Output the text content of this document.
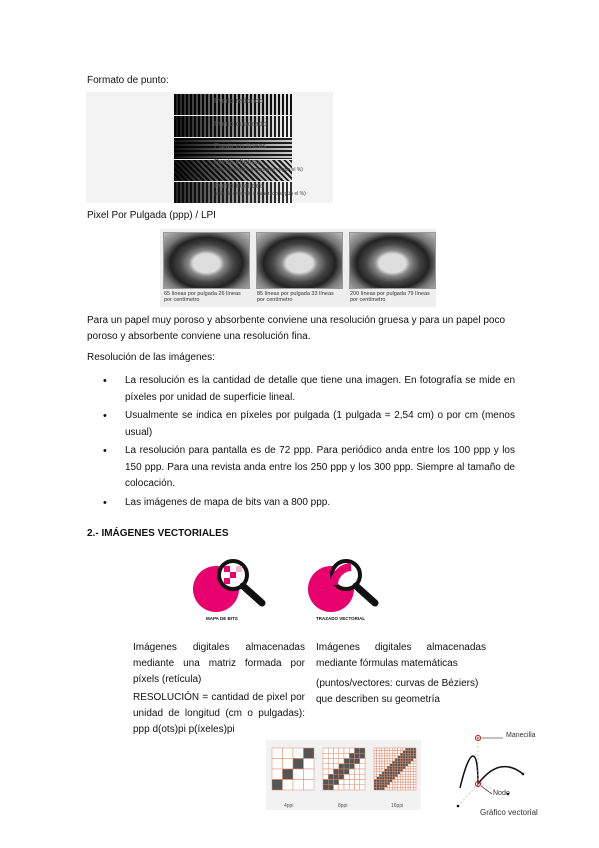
Formato de punto:
Punto redondo
Punto cuadrado
Punto en líneas
Punto elíptico
(sale de elíptico a diamante según el %)
Punto euclídeo
(sale de redondo a cuadrado según el %)
Pixel Por Pulgada (ppp) / LPI
65 líneas por pulgada 26 líneas por centímetro
85 líneas por pulgada 33 líneas por centímetro
200 líneas por pulgada 79 líneas por centímetro
Para un papel muy poroso y absorbente conviene una resolución gruesa y para un papel poco poroso y absorbente conviene una resolución fina.
Resolución de las imágenes:
• La resolución es la cantidad de detalle que tiene una imagen. En fotografía se mide en píxeles por unidad de superficie lineal.
• Usualmente se indica en píxeles por pulgada (1 pulgada = 2,54 cm) o por cm (menos usual)
• La resolución para pantalla es de 72 ppp. Para periódico anda entre los 100 ppp y los 150 ppp. Para una revista anda entre los 250 ppp y los 300 ppp. Siempre al tamaño de colocación.
• Las imágenes de mapa de bits van a 800 ppp.
2.- IMÁGENES VECTORIALES
MAPA DE BITS	TRAZADO VECTORIAL
Imágenes digitales almacenadas mediante una matriz formada por píxels (retícula)
RESOLUCIÓN = cantidad de pixel por unidad de longitud (cm o pulgadas): ppp d(ots)pi p(íxeles)pi
Imágenes digitales almacenadas mediante fórmulas matemáticas
(puntos/vectores: curvas de Béziers) que describen su geometría
4ppi	8ppi	16ppi
Manecilla
Nodo
Gráfico vectorial
